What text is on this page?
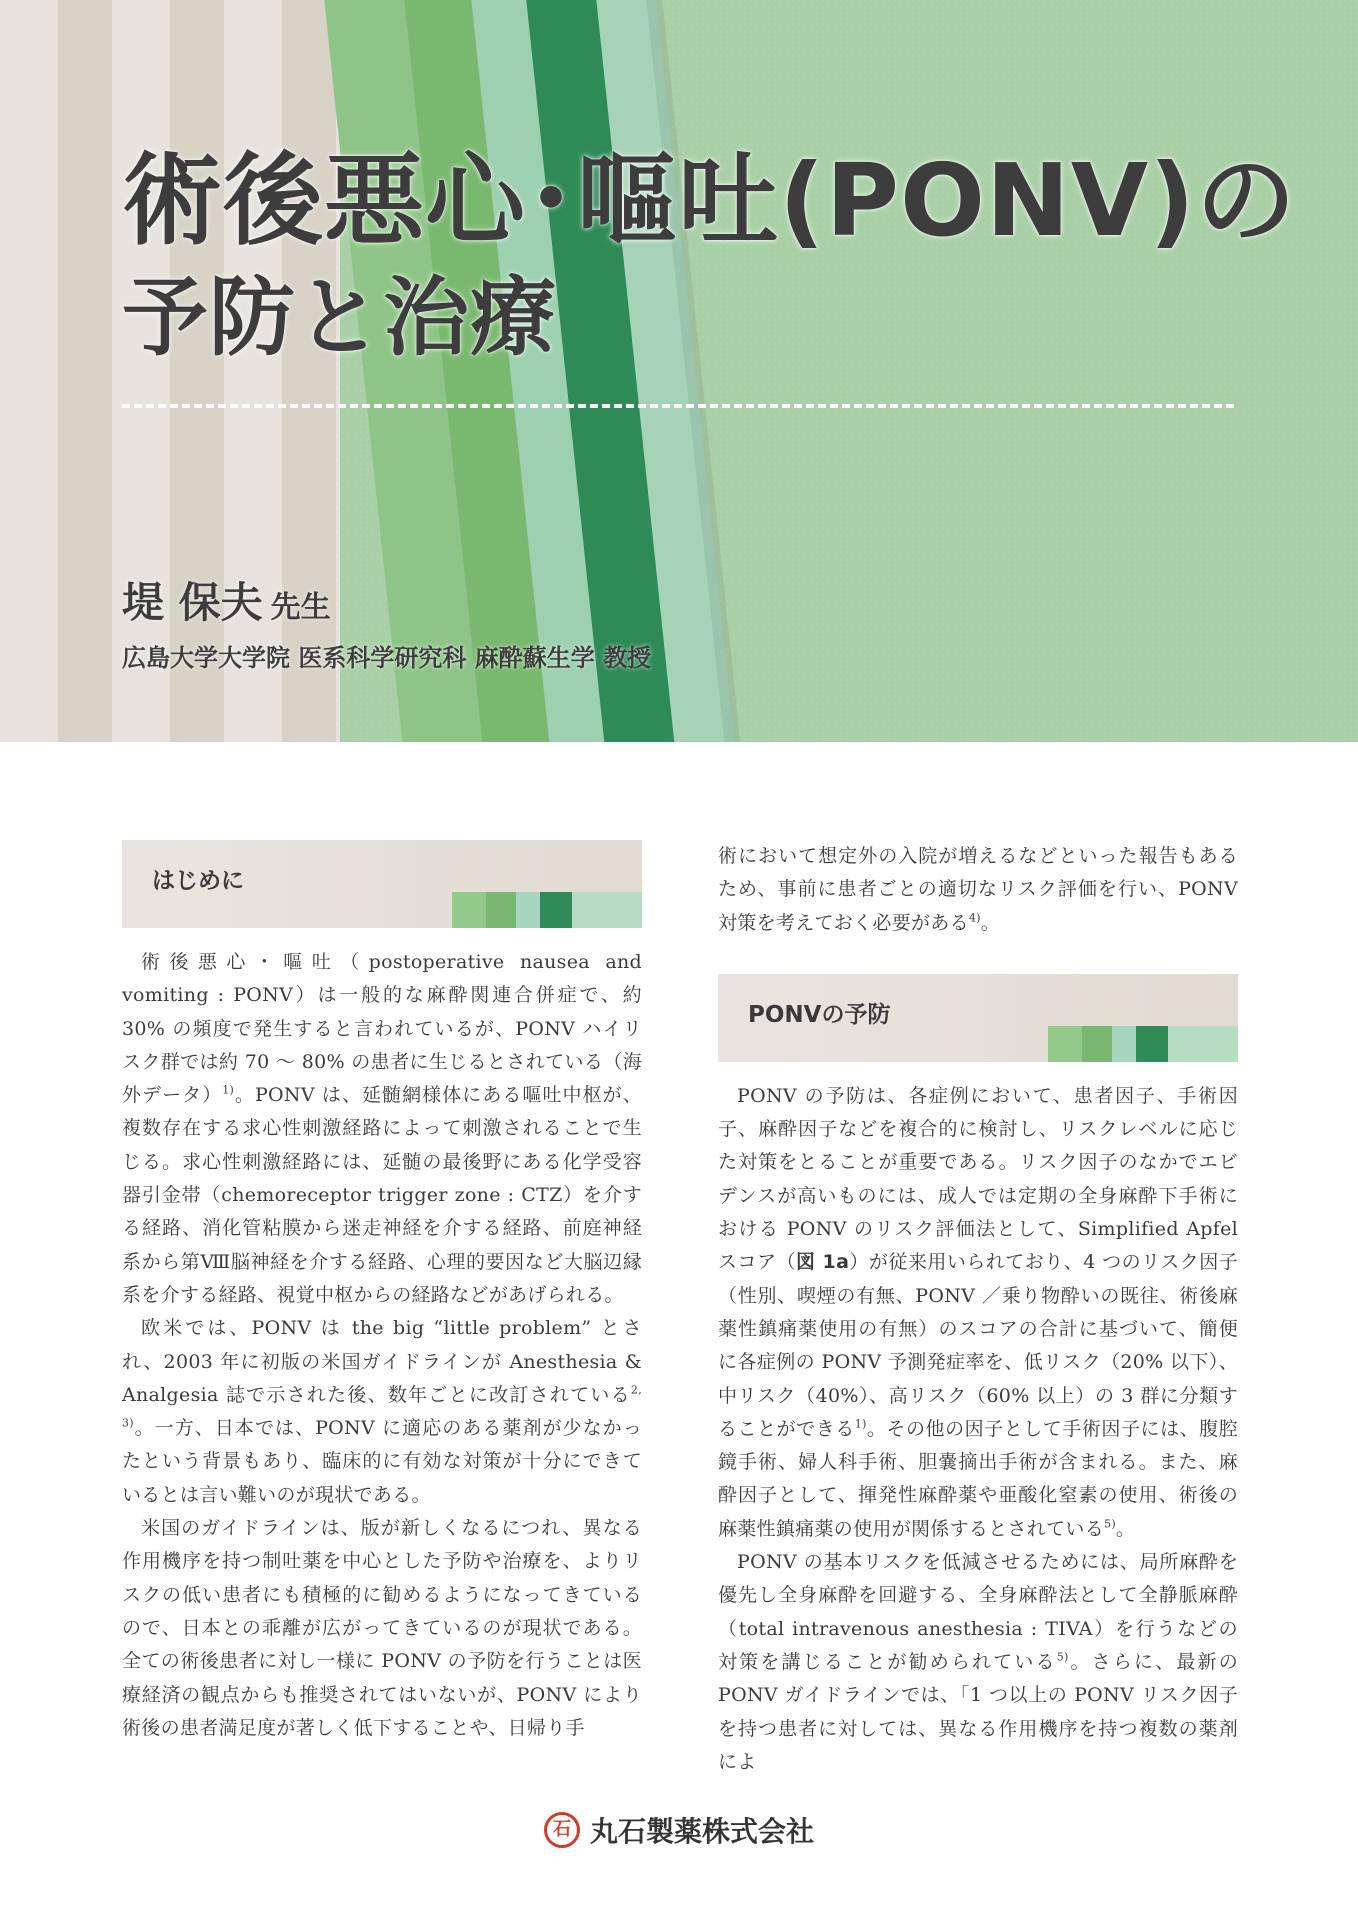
術後悪心･嘔吐(PONV)の
予防と治療

堤 保夫 先生

広島大学大学院 医系科学研究科 麻酔蘇生学 教授

はじめに

術後悪心・嘔吐（postoperative nausea and vomiting : PONV）は一般的な麻酔関連合併症で、約 30% の頻度で発生すると言われているが、PONV ハイリスク群では約 70 ～ 80% の患者に生じるとされている（海外データ）$^{1)}$。PONV は、延髄網様体にある嘔吐中枢が、複数存在する求心性刺激経路によって刺激されることで生じる。求心性刺激経路には、延髄の最後野にある化学受容器引金帯（chemoreceptor trigger zone : CTZ）を介する経路、消化管粘膜から迷走神経を介する経路、前庭神経系から第Ⅷ脳神経を介する経路、心理的要因など大脳辺縁系を介する経路、視覚中枢からの経路などがあげられる。

欧米では、PONV は the big “little problem” とされ、2003 年に初版の米国ガイドラインが Anesthesia & Analgesia 誌で示された後、数年ごとに改訂されている$^{2, 3)}$。一方、日本では、PONV に適応のある薬剤が少なかったという背景もあり、臨床的に有効な対策が十分にできているとは言い難いのが現状である。

米国のガイドラインは、版が新しくなるにつれ、異なる作用機序を持つ制吐薬を中心とした予防や治療を、よりリスクの低い患者にも積極的に勧めるようになってきているので、日本との乖離が広がってきているのが現状である。全ての術後患者に対し一様に PONV の予防を行うことは医療経済の観点からも推奨されてはいないが、PONV により術後の患者満足度が著しく低下することや、日帰り手

術において想定外の入院が増えるなどといった報告もあるため、事前に患者ごとの適切なリスク評価を行い、PONV 対策を考えておく必要がある$^{4)}$。

PONVの予防

PONV の予防は、各症例において、患者因子、手術因子、麻酔因子などを複合的に検討し、リスクレベルに応じた対策をとることが重要である。リスク因子のなかでエビデンスが高いものには、成人では定期の全身麻酔下手術における PONV のリスク評価法として、Simplified Apfel スコア（図 1a）が従来用いられており、4 つのリスク因子（性別、喫煙の有無、PONV ／乗り物酔いの既往、術後麻薬性鎮痛薬使用の有無）のスコアの合計に基づいて、簡便に各症例の PONV 予測発症率を、低リスク（20% 以下）、中リスク（40%）、高リスク（60% 以上）の 3 群に分類することができる$^{1)}$。その他の因子として手術因子には、腹腔鏡手術、婦人科手術、胆嚢摘出手術が含まれる。また、麻酔因子として、揮発性麻酔薬や亜酸化窒素の使用、術後の麻薬性鎮痛薬の使用が関係するとされている$^{5)}$。

PONV の基本リスクを低減させるためには、局所麻酔を優先し全身麻酔を回避する、全身麻酔法として全静脈麻酔（total intravenous anesthesia : TIVA）を行うなどの対策を講じることが勧められている$^{5)}$。さらに、最新の PONV ガイドラインでは、「1 つ以上の PONV リスク因子を持つ患者に対しては、異なる作用機序を持つ複数の薬剤によ

石 丸石製薬株式会社
